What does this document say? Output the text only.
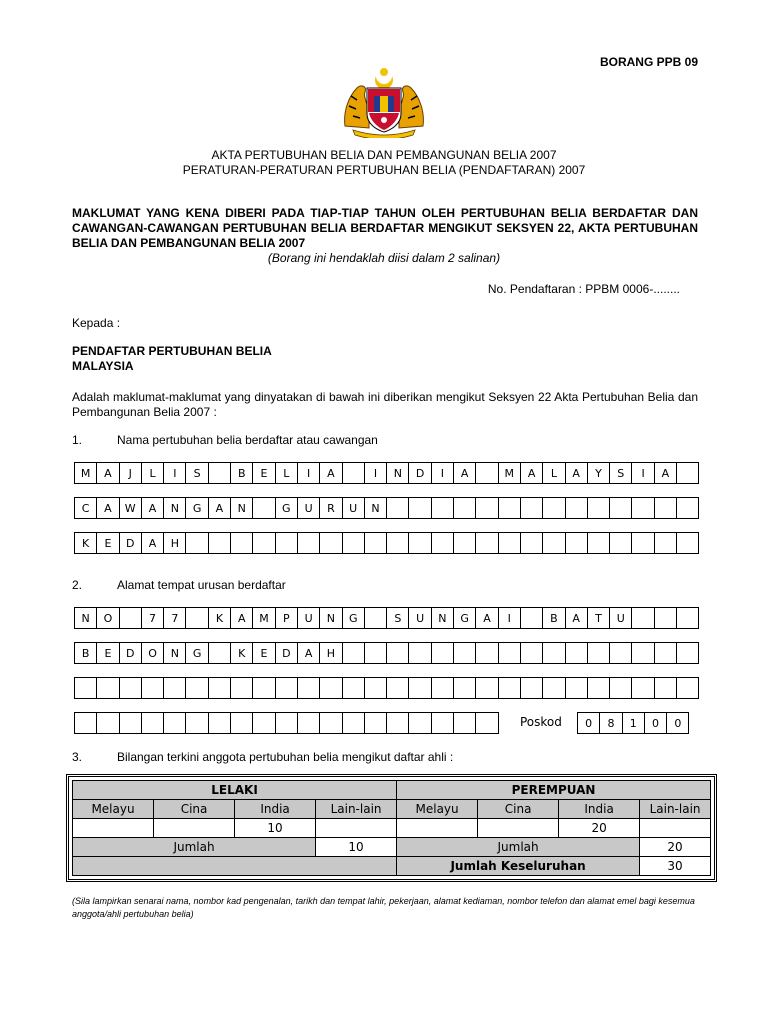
BORANG PPB 09
AKTA PERTUBUHAN BELIA DAN PEMBANGUNAN BELIA 2007
PERATURAN-PERATURAN PERTUBUHAN BELIA (PENDAFTARAN) 2007
MAKLUMAT YANG KENA DIBERI PADA TIAP-TIAP TAHUN OLEH PERTUBUHAN BELIA BERDAFTAR DAN CAWANGAN-CAWANGAN PERTUBUHAN BELIA BERDAFTAR MENGIKUT SEKSYEN 22, AKTA PERTUBUHAN BELIA DAN PEMBANGUNAN BELIA 2007
(Borang ini hendaklah diisi dalam 2 salinan)
No. Pendaftaran : PPBM 0006-........
Kepada :
PENDAFTAR PERTUBUHAN BELIA
MALAYSIA
Adalah maklumat-maklumat yang dinyatakan di bawah ini diberikan mengikut Seksyen 22 Akta Pertubuhan Belia dan Pembangunan Belia 2007 :
1.	Nama pertubuhan belia berdaftar atau cawangan
M	A	J	L	I	S	B	E	L	I	A	I	N	D	I	A	M	A	L	A	Y	S	I	A
C	A	W	A	N	G	A	N	G	U	R	U	N
K	E	D	A	H
2.	Alamat tempat urusan berdaftar
N	O	7	7	K	A	M	P	U	N	G	S	U	N	G	A	I	B	A	T	U
B	E	D	O	N	G	K	E	D	A	H
Poskod	0	8	1	0	0
3.	Bilangan terkini anggota pertubuhan belia mengikut daftar ahli :
LELAKI				PEREMPUAN			
Melayu	Cina	India	Lain-lain	Melayu	Cina	India	Lain-lain
		10				20	
Jumlah			10	Jumlah			20
				Jumlah Keseluruhan			30
(Sila lampirkan senarai nama, nombor kad pengenalan, tarikh dan tempat lahir, pekerjaan, alamat kediaman, nombor telefon dan alamat emel bagi kesemua anggota/ahli pertubuhan belia)
